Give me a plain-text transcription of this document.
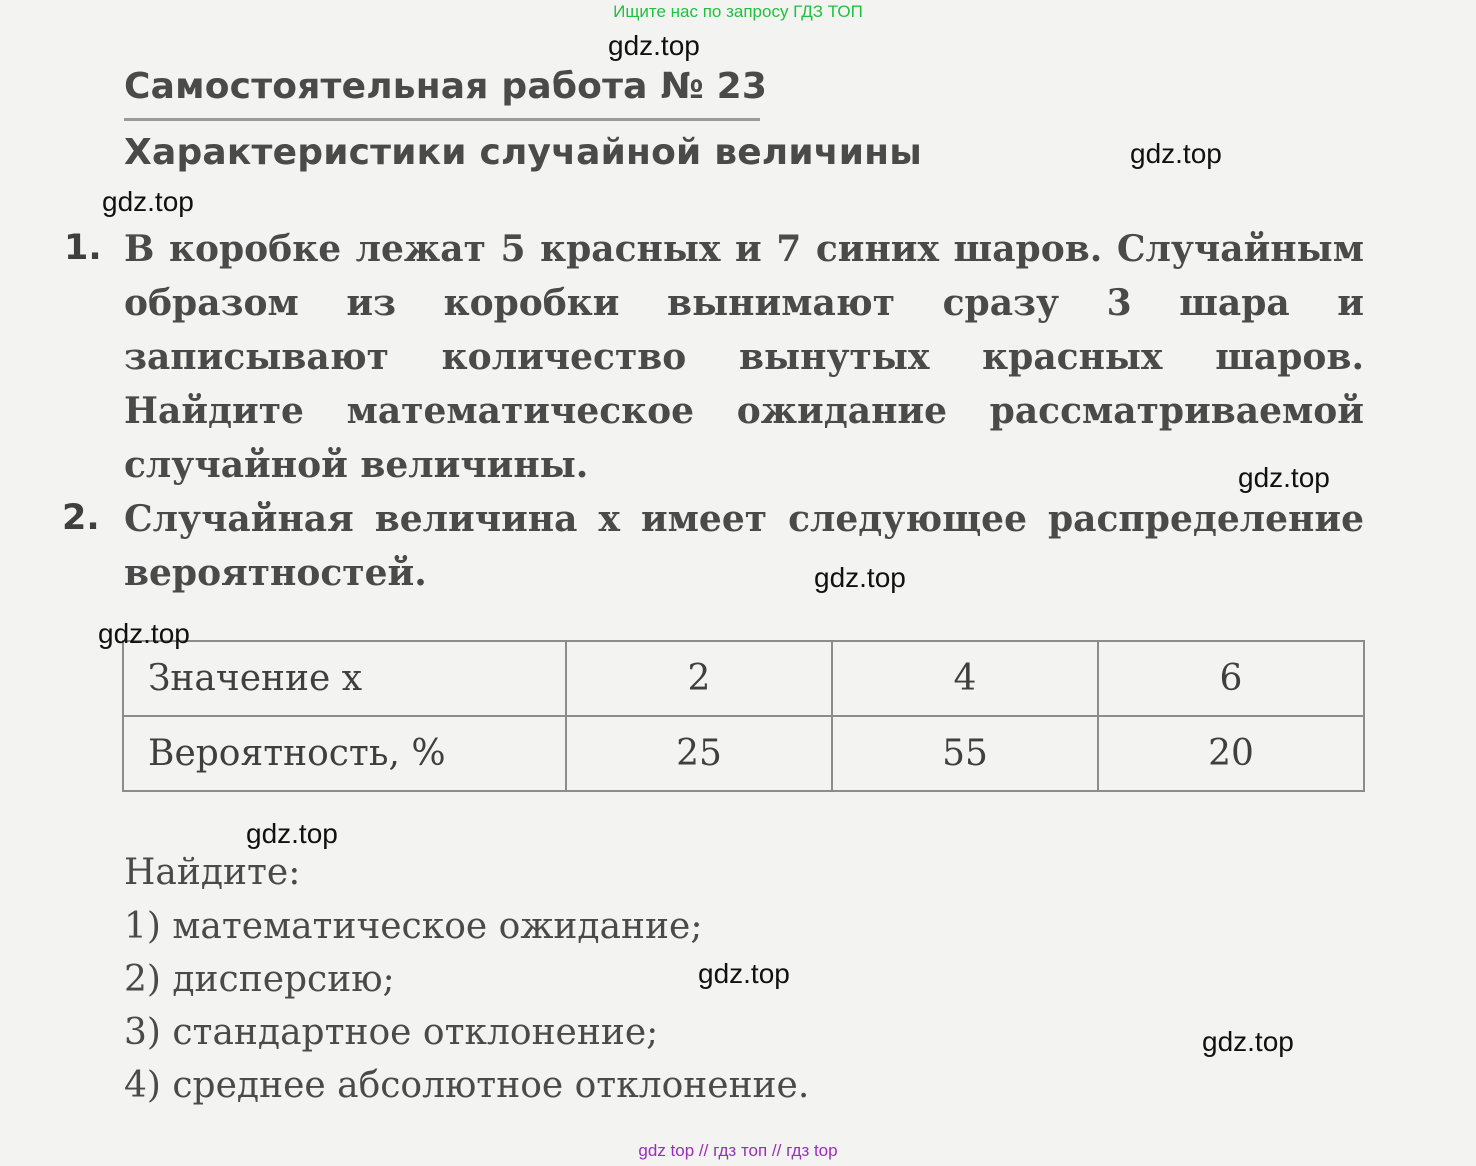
Ищите нас по запросу ГДЗ ТОП
Самостоятельная работа № 23
Характеристики случайной величины
1. В коробке лежат 5 красных и 7 синих шаров. Случайным образом из коробки вынимают сразу 3 шара и записывают количество вынутых красных шаров. Найдите математическое ожидание рассматриваемой случайной величины.
2. Случайная величина x имеет следующее распределение вероятностей.
Значение x	2	4	6
Вероятность, %	25	55	20
Найдите:
1) математическое ожидание;
2) дисперсию;
3) стандартное отклонение;
4) среднее абсолютное отклонение.
gdz.top
gdz.top
gdz.top
gdz.top
gdz.top
gdz.top
gdz.top
gdz.top
gdz.top
gdz top // гдз топ // гдз top
